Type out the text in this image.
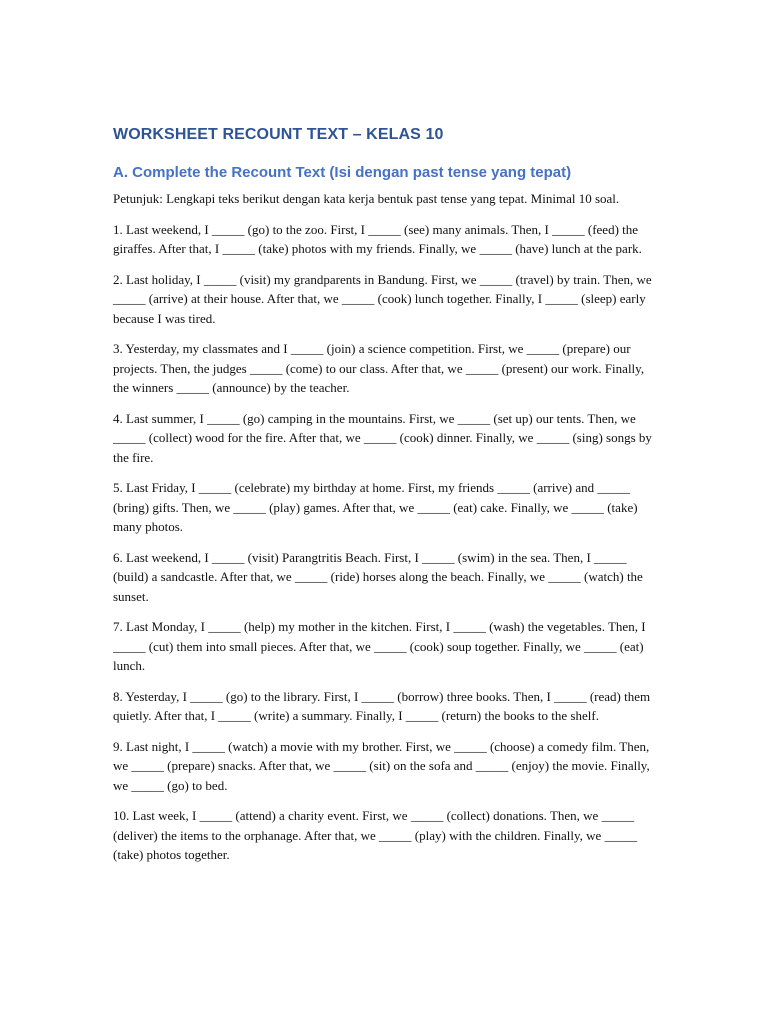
WORKSHEET RECOUNT TEXT – KELAS 10
A. Complete the Recount Text (Isi dengan past tense yang tepat)

Petunjuk: Lengkapi teks berikut dengan kata kerja bentuk past tense yang tepat. Minimal 10 soal.

1. Last weekend, I _____ (go) to the zoo. First, I _____ (see) many animals. Then, I _____ (feed) the giraffes. After that, I _____ (take) photos with my friends. Finally, we _____ (have) lunch at the park.

2. Last holiday, I _____ (visit) my grandparents in Bandung. First, we _____ (travel) by train. Then, we _____ (arrive) at their house. After that, we _____ (cook) lunch together. Finally, I _____ (sleep) early because I was tired.

3. Yesterday, my classmates and I _____ (join) a science competition. First, we _____ (prepare) our projects. Then, the judges _____ (come) to our class. After that, we _____ (present) our work. Finally, the winners _____ (announce) by the teacher.

4. Last summer, I _____ (go) camping in the mountains. First, we _____ (set up) our tents. Then, we _____ (collect) wood for the fire. After that, we _____ (cook) dinner. Finally, we _____ (sing) songs by the fire.

5. Last Friday, I _____ (celebrate) my birthday at home. First, my friends _____ (arrive) and _____ (bring) gifts. Then, we _____ (play) games. After that, we _____ (eat) cake. Finally, we _____ (take) many photos.

6. Last weekend, I _____ (visit) Parangtritis Beach. First, I _____ (swim) in the sea. Then, I _____ (build) a sandcastle. After that, we _____ (ride) horses along the beach. Finally, we _____ (watch) the sunset.

7. Last Monday, I _____ (help) my mother in the kitchen. First, I _____ (wash) the vegetables. Then, I _____ (cut) them into small pieces. After that, we _____ (cook) soup together. Finally, we _____ (eat) lunch.

8. Yesterday, I _____ (go) to the library. First, I _____ (borrow) three books. Then, I _____ (read) them quietly. After that, I _____ (write) a summary. Finally, I _____ (return) the books to the shelf.

9. Last night, I _____ (watch) a movie with my brother. First, we _____ (choose) a comedy film. Then, we _____ (prepare) snacks. After that, we _____ (sit) on the sofa and _____ (enjoy) the movie. Finally, we _____ (go) to bed.

10. Last week, I _____ (attend) a charity event. First, we _____ (collect) donations. Then, we _____ (deliver) the items to the orphanage. After that, we _____ (play) with the children. Finally, we _____ (take) photos together.
